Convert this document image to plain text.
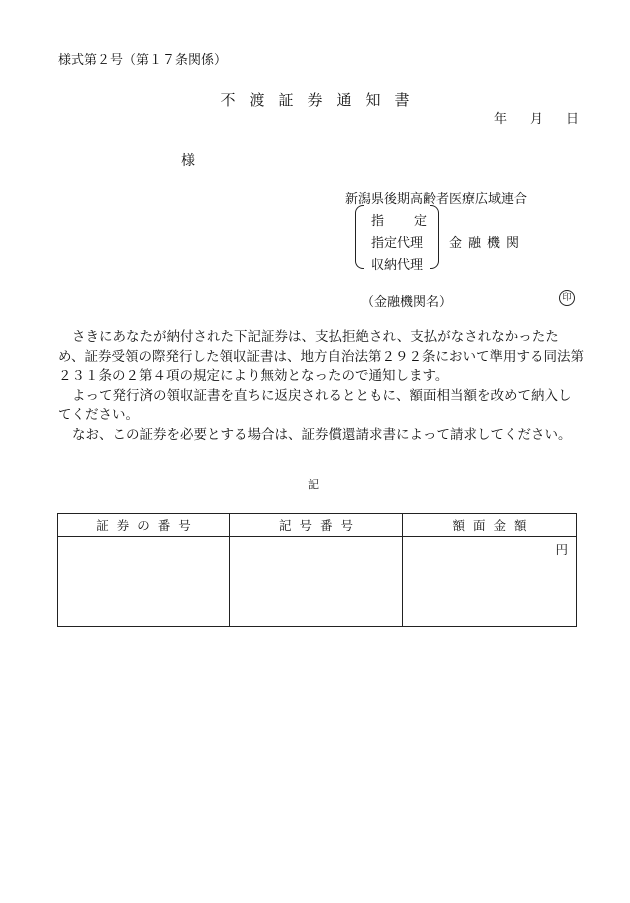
様式第２号（第１７条関係）
不渡証券通知書
年	月	日
様
新潟県後期高齢者医療広域連合
指定
指定代理
収納代理
金融機関
（金融機関名）	印

さきにあなたが納付された下記証券は、支払拒絶され、支払がなされなかったため、証券受領の際発行した領収証書は、地方自治法第２９２条において準用する同法第２３１条の２第４項の規定により無効となったので通知します。

よって発行済の領収証書を直ちに返戻されるとともに、額面相当額を改めて納入してください。

なお、この証券を必要とする場合は、証券償還請求書によって請求してください。

記
証券の番号	記号番号	額面金額
		円
